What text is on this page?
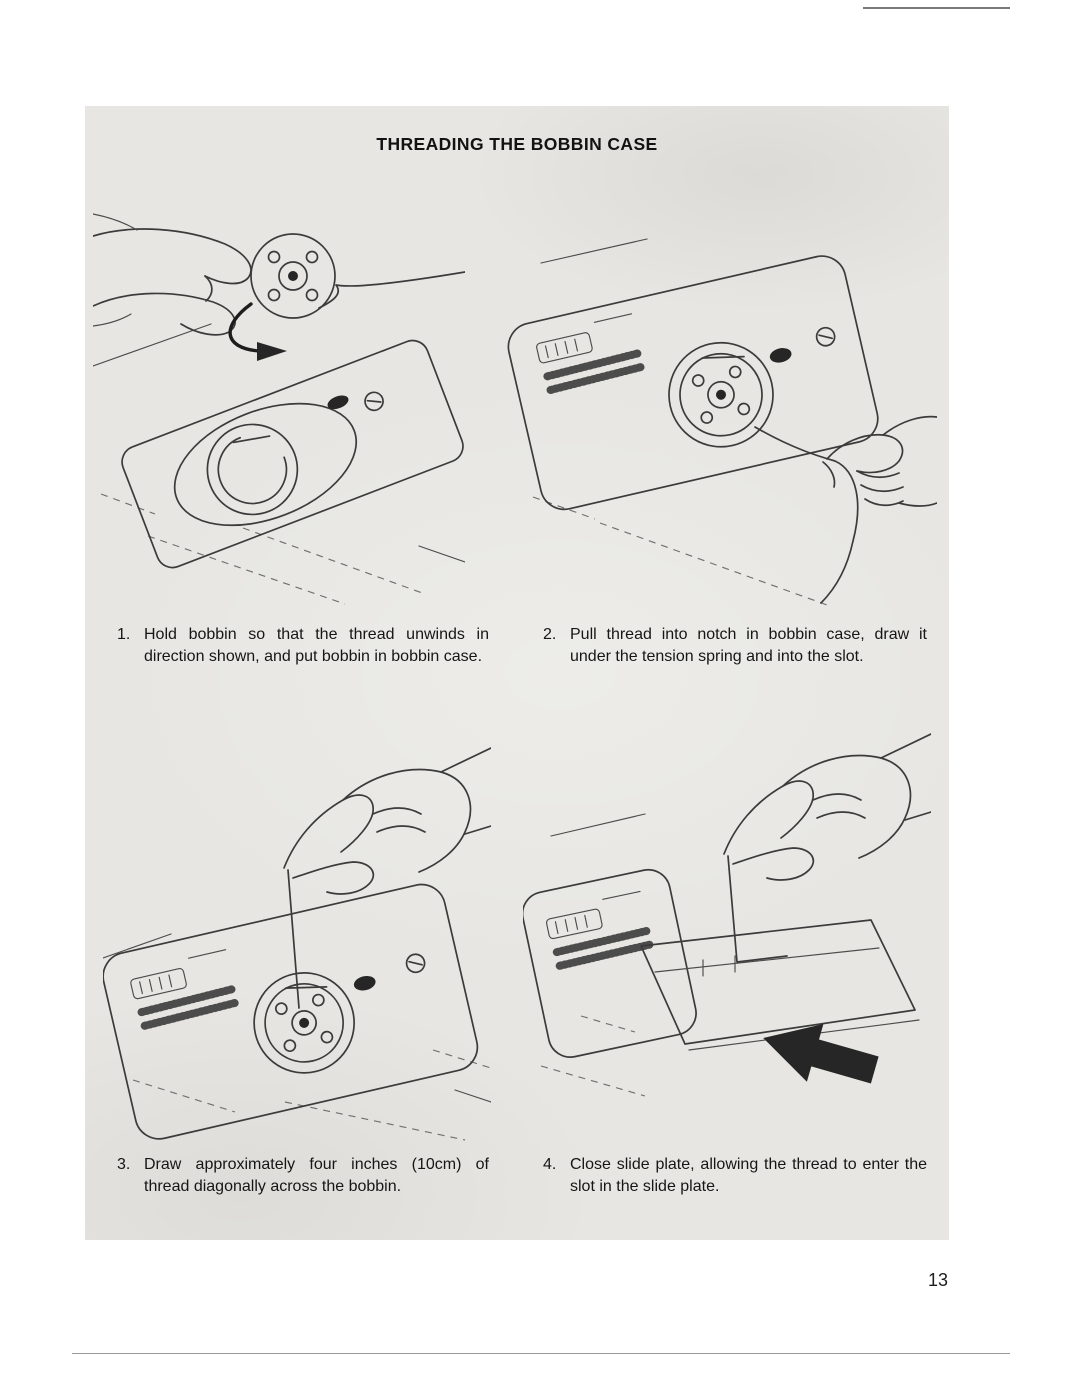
THREADING THE BOBBIN CASE
1. Hold bobbin so that the thread unwinds in direction shown, and put bobbin in bobbin case.
2. Pull thread into notch in bobbin case, draw it under the tension spring and into the slot.
3. Draw approximately four inches (10cm) of thread diagonally across the bobbin.
4. Close slide plate, allowing the thread to enter the slot in the slide plate.
13
